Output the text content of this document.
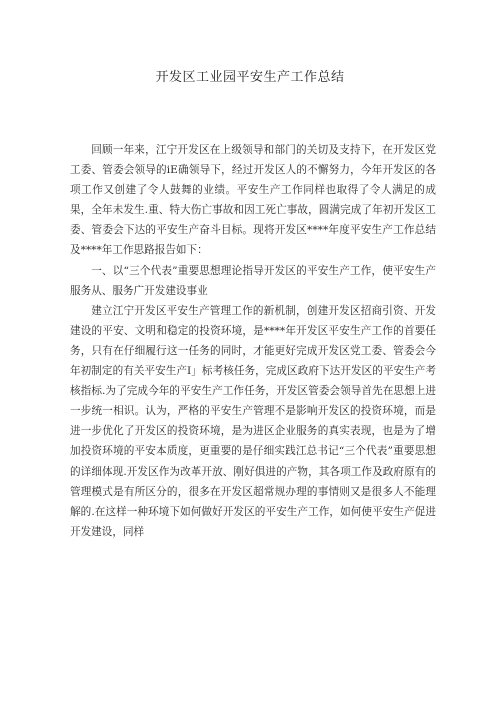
开发区工业园平安生产工作总结

回顾一年来，江宁开发区在上级领导和部门的关切及支持下，在开发区党工委、管委会领导的iE确领导下，经过开发区人的不懈努力，今年开发区的各项工作又创建了令人鼓舞的业绩。平安生产工作同样也取得了令人满足的成果，全年未发生.重、特大伤亡事故和因工死亡事故，圆满完成了年初开发区工委、管委会下达的平安生产奋斗目标。现将开发区****年度平安生产工作总结及****年工作思路报告如下：

一、以“三个代表”重要思想理论指导开发区的平安生产工作，使平安生产服务从、服务广开发建设事业

建立江宁开发区平安生产管理工作的新机制，创建开发区招商引资、开发建设的平安、文明和稳定的投资环境，是****年开发区平安生产工作的首要任务，只有在仔细履行这一任务的同时，才能更好完成开发区党工委、管委会今年初制定的有关平安生产Ⅰ」标考核任务，完成区政府下达开发区的平安生产考核指标.为了完成今年的平安生产工作任务，开发区管委会领导首先在思想上进一步统一相识。认为，严格的平安生产管理不是影响开发区的投资环境，而是进一步优化了开发区的投资环境，是为进区企业服务的真实表现，也是为了增加投资环境的平安本质度，更重要的是仔细实践江总书记“三个代表”重要思想的详细体现.开发区作为改革开放、刚好俱进的产物，其各项工作及政府原有的管理模式是有所区分的，很多在开发区超常规办理的事情则又是很多人不能理解的.在这样一种环境下如何做好开发区的平安生产工作，如何使平安生产促进开发建设，同样
